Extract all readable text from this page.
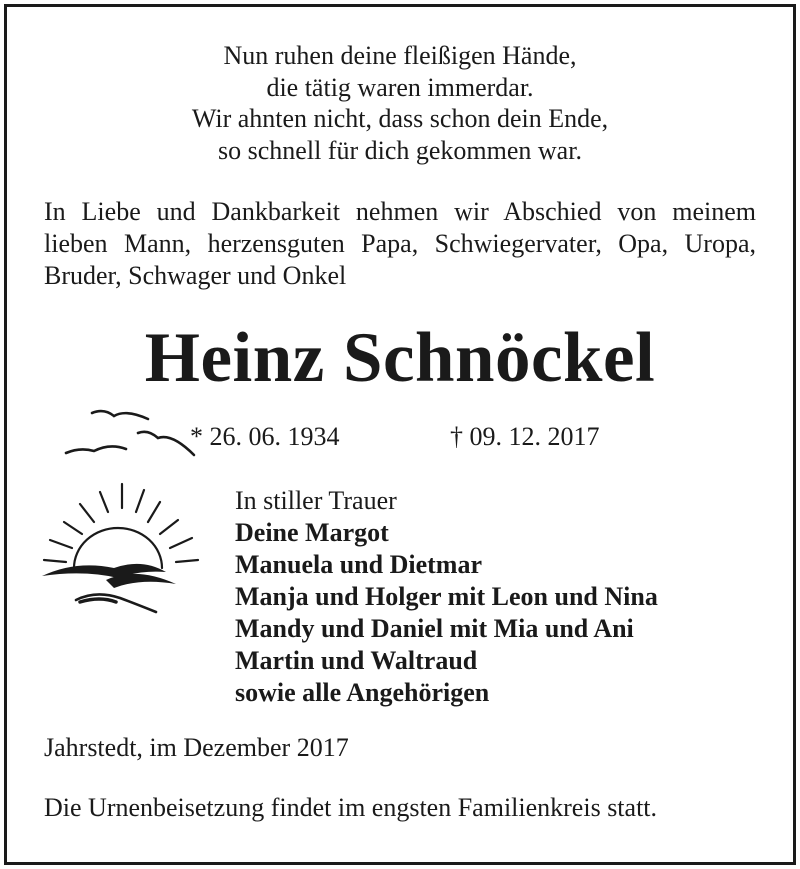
Nun ruhen deine fleißigen Hände,
die tätig waren immerdar.
Wir ahnten nicht, dass schon dein Ende,
so schnell für dich gekommen war.
In Liebe und Dankbarkeit nehmen wir Abschied von meinem
lieben Mann, herzensguten Papa, Schwiegervater, Opa, Uropa,
Bruder, Schwager und Onkel
Heinz Schnöckel
* 26. 06. 1934	† 09. 12. 2017
In stiller Trauer
Deine Margot
Manuela und Dietmar
Manja und Holger mit Leon und Nina
Mandy und Daniel mit Mia und Ani
Martin und Waltraud
sowie alle Angehörigen
Jahrstedt, im Dezember 2017
Die Urnenbeisetzung findet im engsten Familienkreis statt.
